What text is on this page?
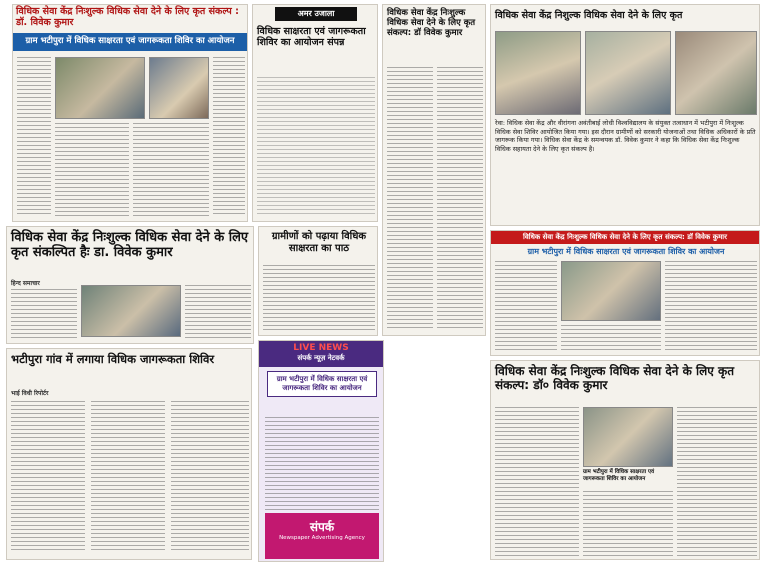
विधिक सेवा केंद्र निःशुल्क विधिक सेवा देने के लिए कृत संकल्प : डॉ. विवेक कुमार
ग्राम भटीपुरा में विधिक साक्षरता एवं जागरूकता शिविर का आयोजन
अमर उजाला
विधिक साक्षरता एवं जागरूकता शिविर का आयोजन संपन्न
विधिक सेवा केंद्र निःशुल्क विधिक सेवा देने के लिए कृत संकल्प: डॉ विवेक कुमार
विधिक सेवा केंद्र निशुल्क विधिक सेवा देने के लिए कृत
रेवा: विधिक सेवा केंद्र और वीरांगना अवंतीबाई लोधी विश्वविद्यालय के संयुक्त तत्वाधान में भटीपुरा में निःशुल्क विधिक सेवा शिविर आयोजित किया गया। इस दौरान ग्रामीणों को सरकारी योजनाओं तथा विधिक अधिकारों के प्रति जागरूक किया गया। विधिक सेवा केंद्र के समन्वयक डॉ. विवेक कुमार ने कहा कि विधिक सेवा केंद्र निःशुल्क विधिक सहायता देने के लिए कृत संकल्प है।
विधिक सेवा केंद्र निःशुल्क विधिक सेवा देने के लिए कृत संकल्पित हैः डा. विवेक कुमार
हिन्द समाचार
ग्रामीणों को पढ़ाया विधिक साक्षरता का पाठ
विधिक सेवा केंद्र निःशुल्क विधिक सेवा देने के लिए कृत संकल्प: डॉ विवेक कुमार
ग्राम भटीपुरा में विधिक साक्षरता एवं जागरूकता शिविर का आयोजन
भटीपुरा गांव में लगाया विधिक जागरूकता शिविर
भाई विधी रिपोर्टर
LIVE NEWS
संपर्क न्यूज़ नेटवर्क
ग्राम भटीपुरा में विधिक साक्षरता एवं जागरूकता शिविर का आयोजन
संपर्क
Newspaper Advertising Agency
विधिक सेवा केंद्र निःशुल्क विधिक सेवा देने के लिए कृत संकल्प: डॉ० विवेक कुमार
ग्राम भटीपुरा में विधिक साक्षरता एवं जागरूकता शिविर का आयोजन
